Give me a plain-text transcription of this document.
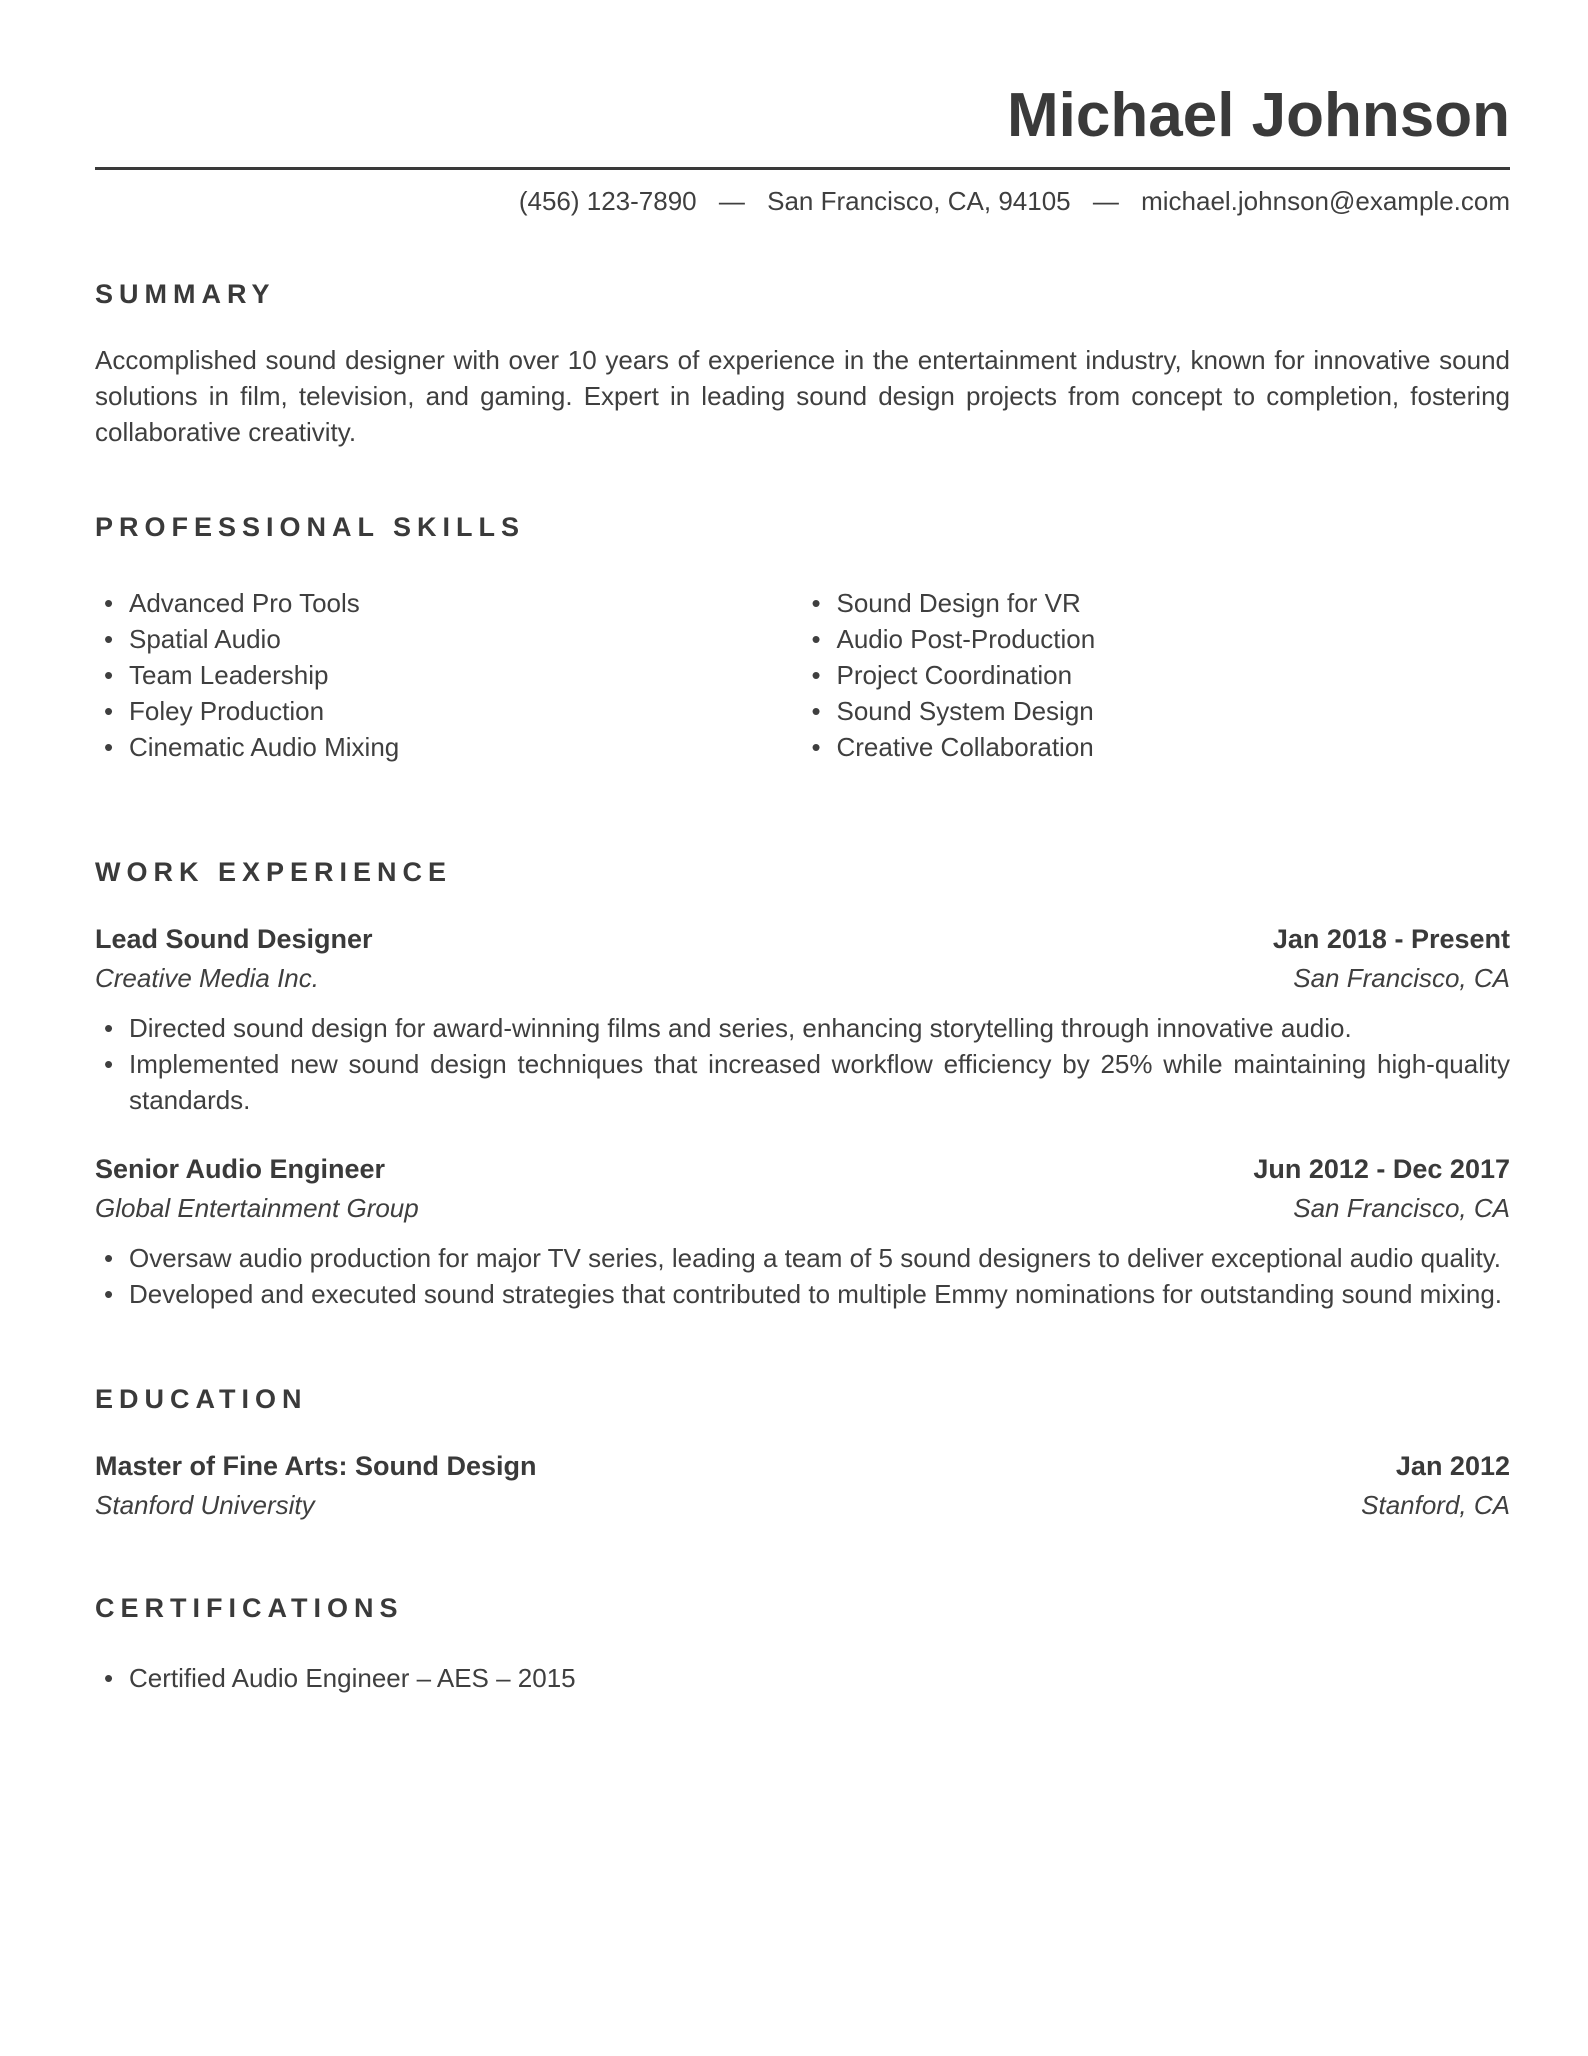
Michael Johnson
(456) 123-7890 — San Francisco, CA, 94105 — michael.johnson@example.com
SUMMARY

Accomplished sound designer with over 10 years of experience in the entertainment industry, known for innovative sound solutions in film, television, and gaming. Expert in leading sound design projects from concept to completion, fostering collaborative creativity.

PROFESSIONAL SKILLS
• Advanced Pro Tools
• Spatial Audio
• Team Leadership
• Foley Production
• Cinematic Audio Mixing
• Sound Design for VR
• Audio Post-Production
• Project Coordination
• Sound System Design
• Creative Collaboration
WORK EXPERIENCE
Lead Sound Designer	Jan 2018 - Present
Creative Media Inc.	San Francisco, CA
• Directed sound design for award-winning films and series, enhancing storytelling through innovative audio.
• Implemented new sound design techniques that increased workflow efficiency by 25% while maintaining high-quality standards.
Senior Audio Engineer	Jun 2012 - Dec 2017
Global Entertainment Group	San Francisco, CA
• Oversaw audio production for major TV series, leading a team of 5 sound designers to deliver exceptional audio quality.
• Developed and executed sound strategies that contributed to multiple Emmy nominations for outstanding sound mixing.
EDUCATION
Master of Fine Arts: Sound Design	Jan 2012
Stanford University	Stanford, CA
CERTIFICATIONS
• Certified Audio Engineer – AES – 2015
